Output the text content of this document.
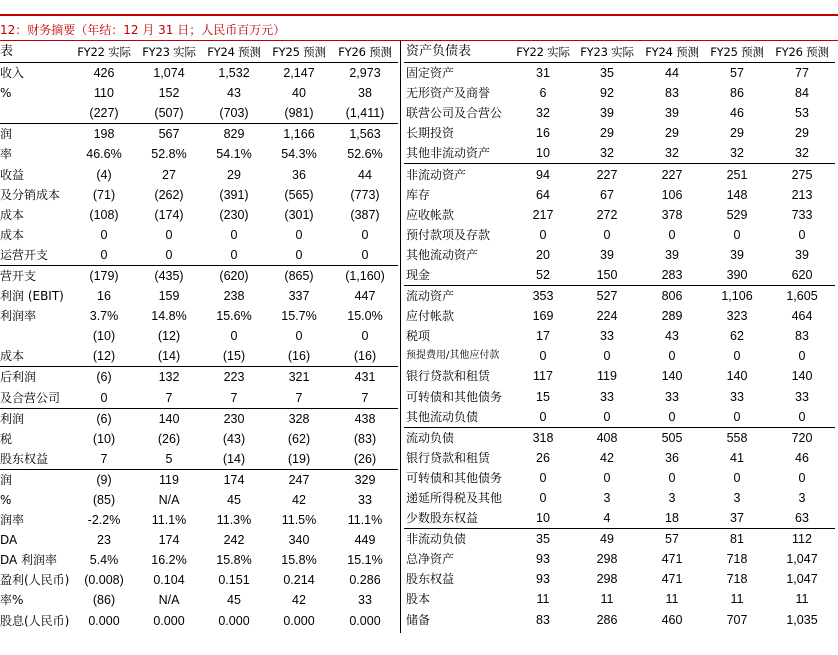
12：财务摘要（年结：12 月 31 日；人民币百万元）
表	FY22 实际	FY23 实际	FY24 预测	FY25 预测	FY26 预测
收入	426	1,074	1,532	2,147	2,973
%	110	152	43	40	38
	(227)	(507)	(703)	(981)	(1,411)
润	198	567	829	1,166	1,563
率	46.6%	52.8%	54.1%	54.3%	52.6%
收益	(4)	27	29	36	44
及分销成本	(71)	(262)	(391)	(565)	(773)
成本	(108)	(174)	(230)	(301)	(387)
成本	0	0	0	0	0
运营开支	0	0	0	0	0
营开支	(179)	(435)	(620)	(865)	(1,160)
利润 (EBIT)	16	159	238	337	447
利润率	3.7%	14.8%	15.6%	15.7%	15.0%
	(10)	(12)	0	0	0
成本	(12)	(14)	(15)	(16)	(16)
后利润	(6)	132	223	321	431
及合营公司	0	7	7	7	7
利润	(6)	140	230	328	438
税	(10)	(26)	(43)	(62)	(83)
股东权益	7	5	(14)	(19)	(26)
润	(9)	119	174	247	329
%	(85)	N/A	45	42	33
润率	-2.2%	11.1%	11.3%	11.5%	11.1%
DA	23	174	242	340	449
DA 利润率	5.4%	16.2%	15.8%	15.8%	15.1%
盈利(人民币)	(0.008)	0.104	0.151	0.214	0.286
率%	(86)	N/A	45	42	33
股息(人民币)	0.000	0.000	0.000	0.000	0.000
资产负债表	FY22 实际	FY23 实际	FY24 预测	FY25 预测	FY26 预测
固定资产	31	35	44	57	77
无形资产及商誉	6	92	83	86	84
联营公司及合营公	32	39	39	46	53
长期投资	16	29	29	29	29
其他非流动资产	10	32	32	32	32
非流动资产	94	227	227	251	275
库存	64	67	106	148	213
应收帐款	217	272	378	529	733
预付款项及存款	0	0	0	0	0
其他流动资产	20	39	39	39	39
现金	52	150	283	390	620
流动资产	353	527	806	1,106	1,605
应付帐款	169	224	289	323	464
税项	17	33	43	62	83
预提费用/其他应付款	0	0	0	0	0
银行贷款和租赁	117	119	140	140	140
可转债和其他债务	15	33	33	33	33
其他流动负债	0	0	0	0	0
流动负债	318	408	505	558	720
银行贷款和租赁	26	42	36	41	46
可转债和其他债务	0	0	0	0	0
递延所得税及其他	0	3	3	3	3
少数股东权益	10	4	18	37	63
非流动负债	35	49	57	81	112
总净资产	93	298	471	718	1,047
股东权益	93	298	471	718	1,047
股本	11	11	11	11	11
储备	83	286	460	707	1,035
